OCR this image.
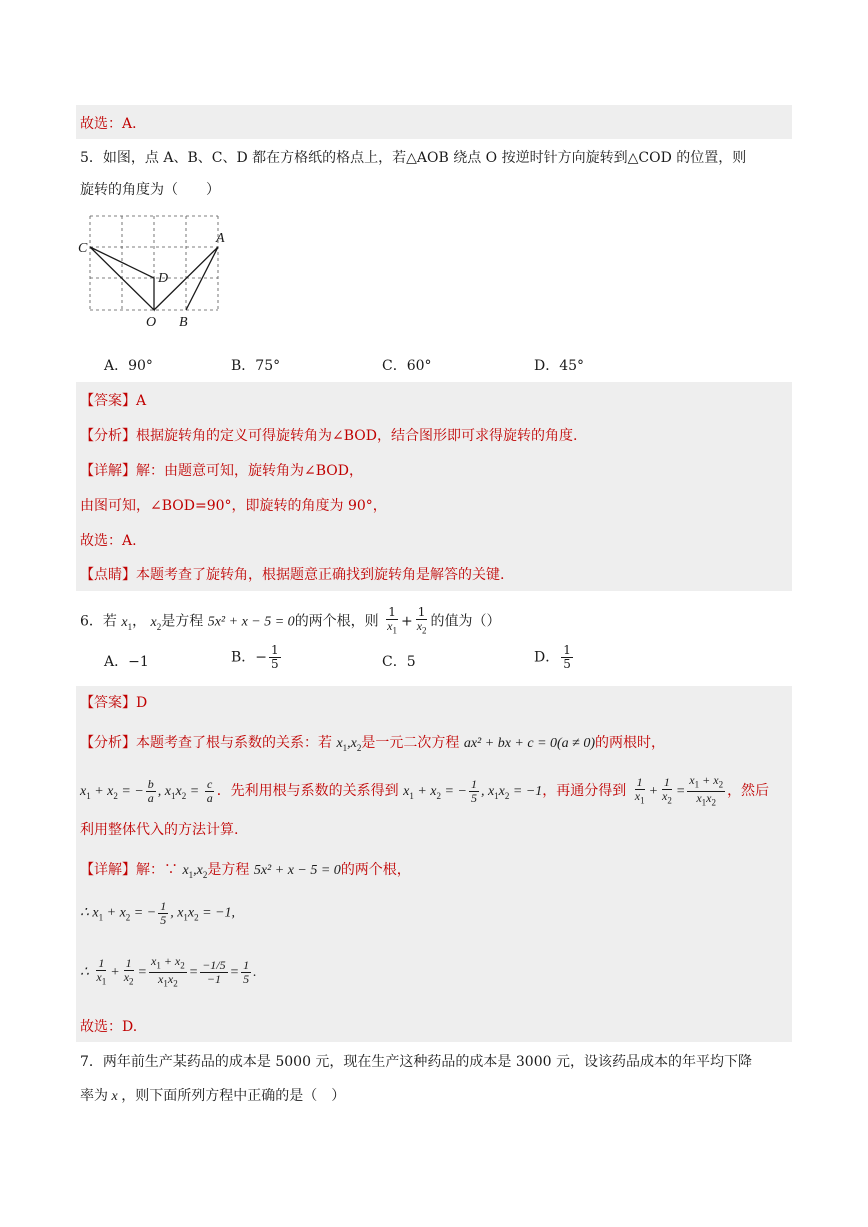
故选：A．
5．如图，点 A、B、C、D 都在方格纸的格点上，若△AOB 绕点 O 按逆时针方向旋转到△COD 的位置，则
旋转的角度为（　　）
C
A
D
O B
A．90°	B．75°	C．60°	D．45°
【答案】A
【分析】根据旋转角的定义可得旋转角为∠BOD，结合图形即可求得旋转的角度.
【详解】解：由题意可知，旋转角为∠BOD，
由图可知，∠BOD=90°，即旋转的角度为 90°，
故选：A.
【点睛】本题考查了旋转角，根据题意正确找到旋转角是解答的关键.
6．若 $x_1$， $x_2$是方程 5x² + x − 5 = 0的两个根，则 $\frac{1}{x_1} + \frac{1}{x_2}$ 的值为（）
A．−1	B．− $\frac{1}{5}$	C．5	D． $\frac{1}{5}$
【答案】D
【分析】本题考查了根与系数的关系：若 $x_1,x_2$是一元二次方程 ax² + bx + c = 0(a ≠ 0)的两根时，
$x_1 + x_2$ = − $\frac{b}{a}$ , $x_1x_2 = \frac{c}{a}$ ．先利用根与系数的关系得到 $x_1 + x_2$ = − $\frac{1}{5}$ , $x_1x_2 = -1$，再通分得到 $\frac{1}{x_1} + \frac{1}{x_2} = \frac{x_1 + x_2}{x_1x_2}$ ，然后
利用整体代入的方法计算.
【详解】解：∵ $x_1,x_2$是方程 5x² + x − 5 = 0的两个根，
∴ $x_1 + x_2$ = − $\frac{1}{5}$ , $x_1x_2 = -1$,
∴ $\frac{1}{x_1} + \frac{1}{x_2} = \frac{x_1 + x_2}{x_1x_2} = \frac{-1/5}{-1} = \frac{1}{5}$ .
故选：D.
7．两年前生产某药品的成本是 5000 元，现在生产这种药品的成本是 3000 元，设该药品成本的年平均下降
率为 x ，则下面所列方程中正确的是（　）
